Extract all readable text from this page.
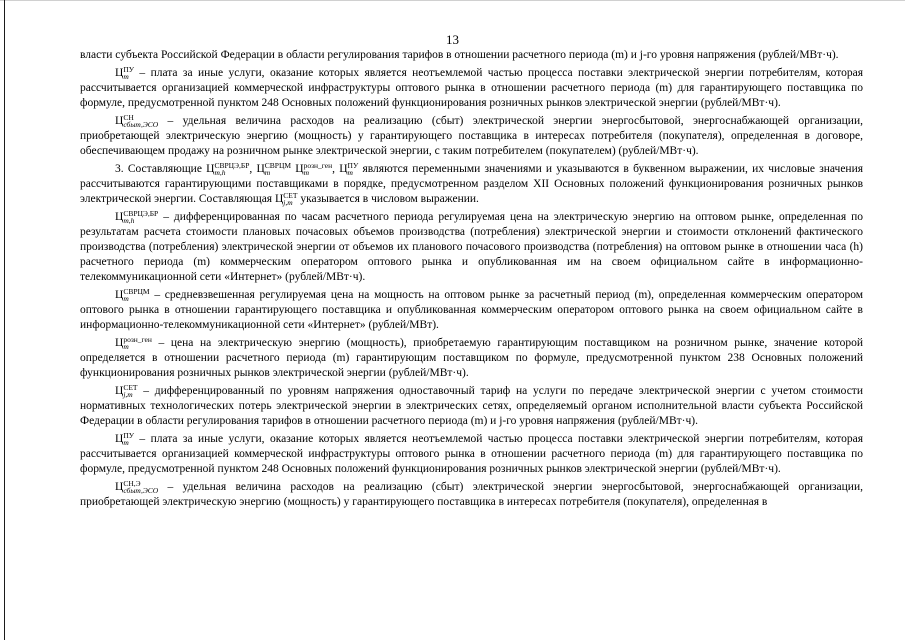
13

власти субъекта Российской Федерации в области регулирования тарифов в отношении расчетного периода (m) и j-го уровня напряжения (рублей/МВт·ч).

Ц ПУ
m – плата за иные услуги, оказание которых является неотъемлемой частью процесса поставки электрической энергии потребителям, которая рассчитывается организацией коммерческой инфраструктуры оптового рынка в отношении расчетного периода (m) для гарантирующего поставщика по формуле, предусмотренной пунктом 248 Основных положений функционирования розничных рынков электрической энергии (рублей/МВт·ч).

Ц СН
сбыт,ЭСО – удельная величина расходов на реализацию (сбыт) электрической энергии энергосбытовой, энергоснабжающей организации, приобретающей электрическую энергию (мощность) у гарантирующего поставщика в интересах потребителя (покупателя), определенная в договоре, обеспечивающем продажу на розничном рынке электрической энергии, с таким потребителем (покупателем) (рублей/МВт·ч).

3. Составляющие Ц СВРЦЭ,БР
m,h	, Ц СВРЦМ
m	Ц розн_ген
m	, Ц ПУ
m являются переменными значениями и указываются в буквенном выражении, их числовые значения рассчитываются гарантирующими поставщиками в порядке, предусмотренном разделом XII Основных положений функционирования розничных рынков электрической энергии. Составляющая Ц СЕТ
j,m указывается в числовом выражении.

Ц СВРЦЭ,БР
m,h	– дифференцированная по часам расчетного периода регулируемая цена на электрическую энергию на оптовом рынке, определенная по результатам расчета стоимости плановых почасовых объемов производства (потребления) электрической энергии и стоимости отклонений фактического производства (потребления) электрической энергии от объемов их планового почасового производства (потребления) на оптовом рынке в отношении часа (h) расчетного периода (m) коммерческим оператором оптового рынка и опубликованная им на своем официальном сайте в информационно-телекоммуникационной сети «Интернет» (рублей/МВт·ч).

Ц СВРЦМ
m	– средневзвешенная регулируемая цена на мощность на оптовом рынке за расчетный период (m), определенная коммерческим оператором оптового рынка в отношении гарантирующего поставщика и опубликованная коммерческим оператором оптового рынка на своем официальном сайте в информационно-телекоммуникационной сети «Интернет» (рублей/МВт).

Ц розн_ген
m	– цена на электрическую энергию (мощность), приобретаемую гарантирующим поставщиком на розничном рынке, значение которой определяется в отношении расчетного периода (m) гарантирующим поставщиком по формуле, предусмотренной пунктом 238 Основных положений функционирования розничных рынков электрической энергии (рублей/МВт·ч).

Ц СЕТ
j,m – дифференцированный по уровням напряжения одноставочный тариф на услуги по передаче электрической энергии с учетом стоимости нормативных технологических потерь электрической энергии в электрических сетях, определяемый органом исполнительной власти субъекта Российской Федерации в области регулирования тарифов в отношении расчетного периода (m) и j-го уровня напряжения (рублей/МВт·ч).

Ц ПУ
m – плата за иные услуги, оказание которых является неотъемлемой частью процесса поставки электрической энергии потребителям, которая рассчитывается организацией коммерческой инфраструктуры оптового рынка в отношении расчетного периода (m) для гарантирующего поставщика по формуле, предусмотренной пунктом 248 Основных положений функционирования розничных рынков электрической энергии (рублей/МВт·ч).

Ц СН,Э
сбыт,ЭСО – удельная величина расходов на реализацию (сбыт) электрической энергии энергосбытовой, энергоснабжающей организации, приобретающей электрическую энергию (мощность) у гарантирующего поставщика в интересах потребителя (покупателя), определенная в
